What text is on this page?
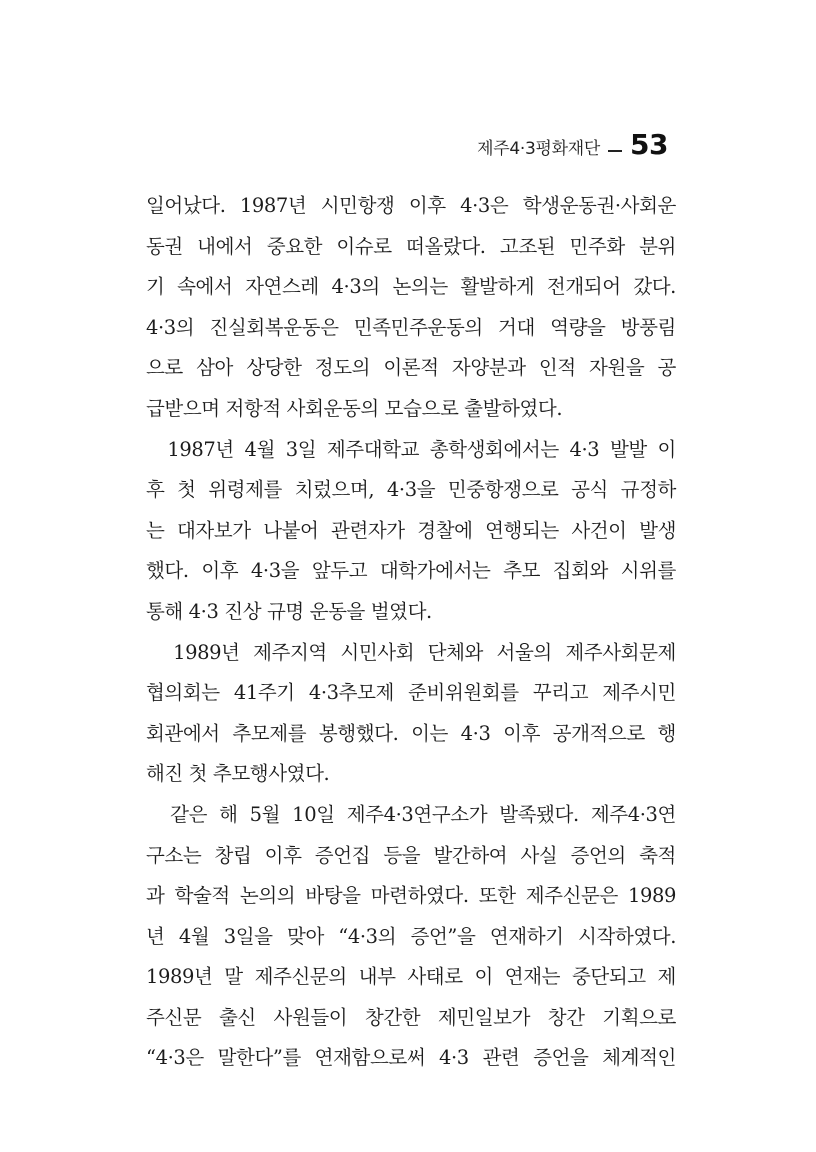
제주4·3평화재단 53
일어났다. 1987년 시민항쟁 이후 4·3은 학생운동권·사회운
동권 내에서 중요한 이슈로 떠올랐다. 고조된 민주화 분위
기 속에서 자연스레 4·3의 논의는 활발하게 전개되어 갔다.
4·3의 진실회복운동은 민족민주운동의 거대 역량을 방풍림
으로 삼아 상당한 정도의 이론적 자양분과 인적 자원을 공
급받으며 저항적 사회운동의 모습으로 출발하였다.
1987년 4월 3일 제주대학교 총학생회에서는 4·3 발발 이
후 첫 위령제를 치렀으며, 4·3을 민중항쟁으로 공식 규정하
는 대자보가 나붙어 관련자가 경찰에 연행되는 사건이 발생
했다. 이후 4·3을 앞두고 대학가에서는 추모 집회와 시위를
통해 4·3 진상 규명 운동을 벌였다.
1989년 제주지역 시민사회 단체와 서울의 제주사회문제
협의회는 41주기 4·3추모제 준비위원회를 꾸리고 제주시민
회관에서 추모제를 봉행했다. 이는 4·3 이후 공개적으로 행
해진 첫 추모행사였다.
같은 해 5월 10일 제주4·3연구소가 발족됐다. 제주4·3연
구소는 창립 이후 증언집 등을 발간하여 사실 증언의 축적
과 학술적 논의의 바탕을 마련하였다. 또한 제주신문은 1989
년 4월 3일을 맞아 “4·3의 증언”을 연재하기 시작하였다.
1989년 말 제주신문의 내부 사태로 이 연재는 중단되고 제
주신문 출신 사원들이 창간한 제민일보가 창간 기획으로
“4·3은 말한다”를 연재함으로써 4·3 관련 증언을 체계적인
